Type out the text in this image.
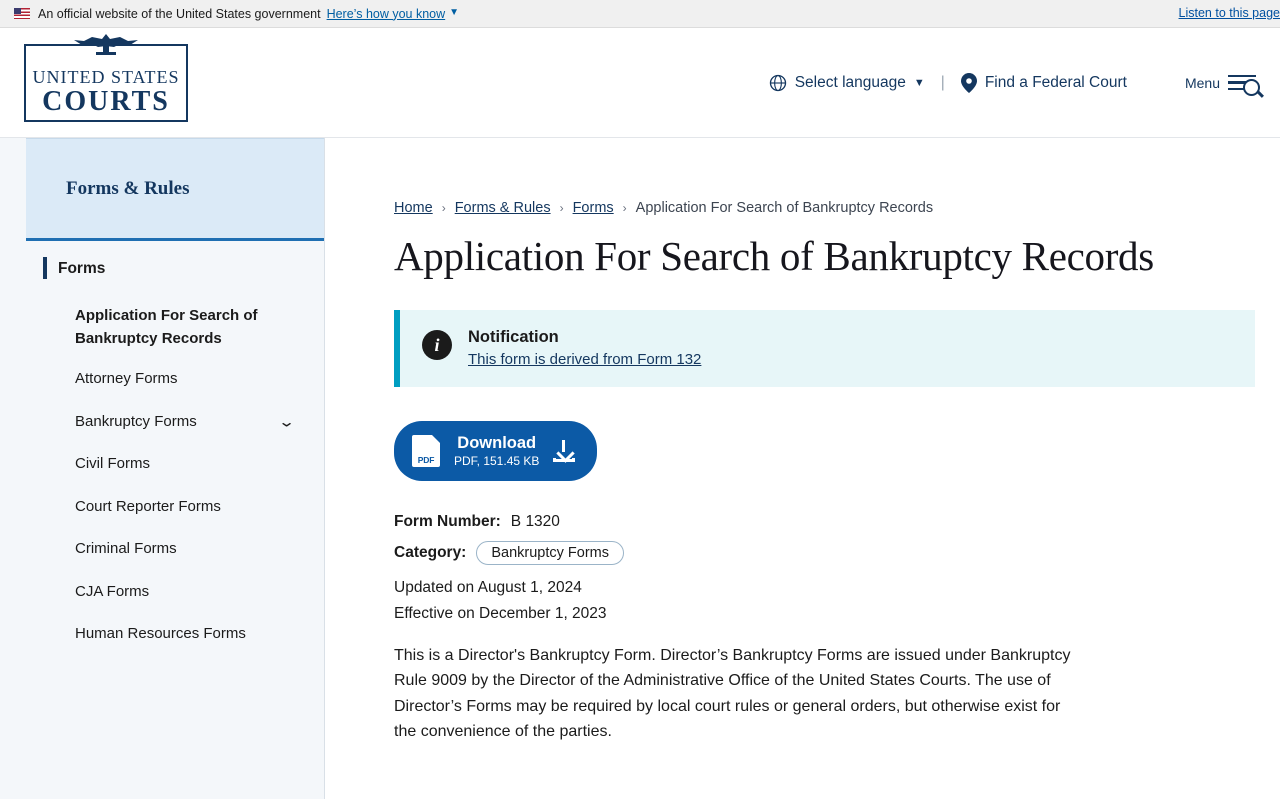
An official website of the United States government Here’s how you know ▼	Listen to this page
UNITED STATES
COURTS
Select language ▼	|	Find a Federal Court	Menu
Forms & Rules
Forms
Application For Search of Bankruptcy Records
Attorney Forms
Bankruptcy Forms	⌄
Civil Forms
Court Reporter Forms
Criminal Forms
CJA Forms
Human Resources Forms
Home › Forms & Rules › Forms › Application For Search of Bankruptcy Records
Application For Search of Bankruptcy Records
i	Notification
This form is derived from Form 132
PDF
Download
PDF, 151.45 KB
Form Number: B 1320
Category:	Bankruptcy Forms
Updated on August 1, 2024
Effective on December 1, 2023

This is a Director's Bankruptcy Form. Director’s Bankruptcy Forms are issued under Bankruptcy Rule 9009 by the Director of the Administrative Office of the United States Courts. The use of Director’s Forms may be required by local court rules or general orders, but otherwise exist for the convenience of the parties.
